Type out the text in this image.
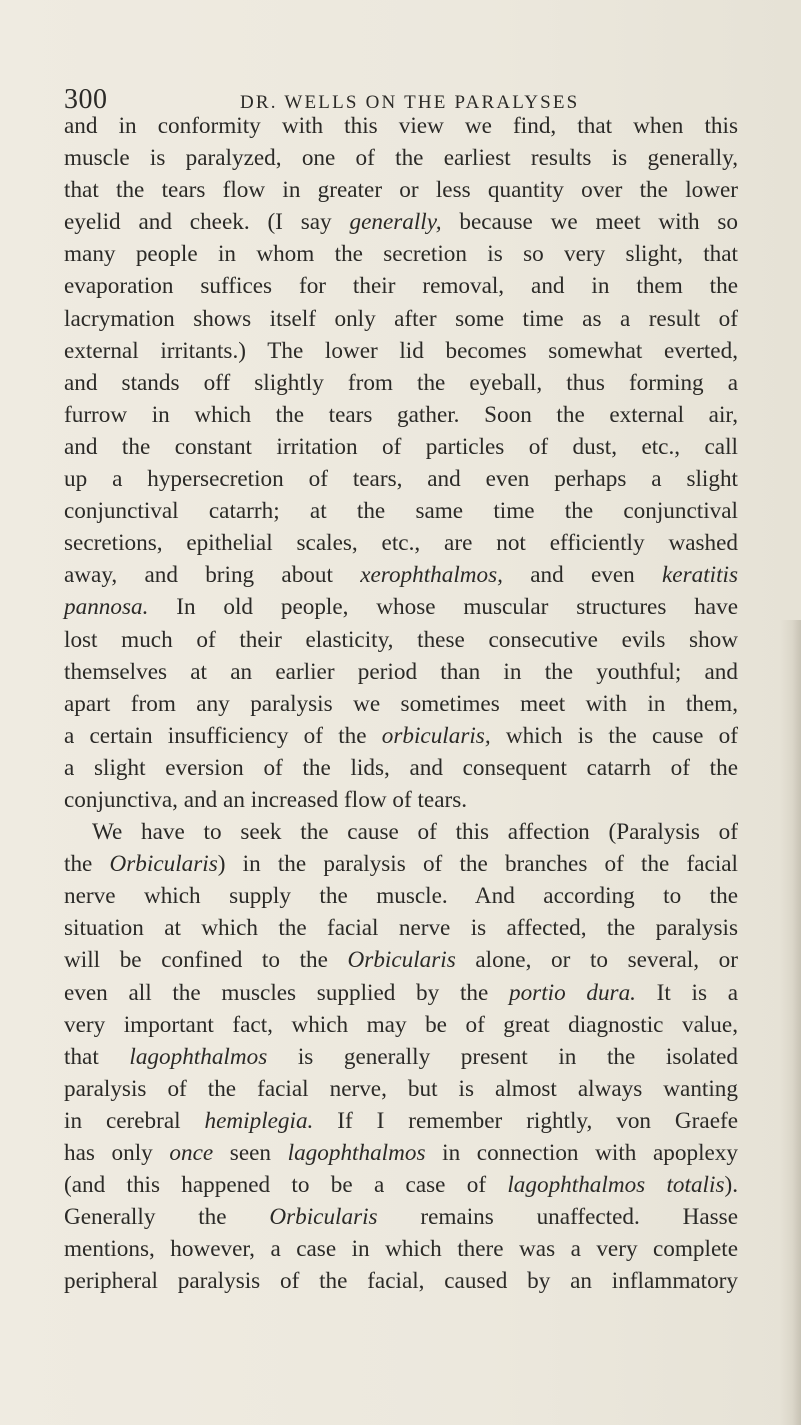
300	DR. WELLS ON THE PARALYSES
and in conformity with this view we find, that when this
muscle is paralyzed, one of the earliest results is generally,
that the tears flow in greater or less quantity over the lower
eyelid and cheek. (I say generally, because we meet with so
many people in whom the secretion is so very slight, that
evaporation suffices for their removal, and in them the
lacrymation shows itself only after some time as a result of
external irritants.) The lower lid becomes somewhat everted,
and stands off slightly from the eyeball, thus forming a
furrow in which the tears gather. Soon the external air,
and the constant irritation of particles of dust, etc., call
up a hypersecretion of tears, and even perhaps a slight
conjunctival catarrh; at the same time the conjunctival
secretions, epithelial scales, etc., are not efficiently washed
away, and bring about xerophthalmos, and even keratitis
pannosa. In old people, whose muscular structures have
lost much of their elasticity, these consecutive evils show
themselves at an earlier period than in the youthful; and
apart from any paralysis we sometimes meet with in them,
a certain insufficiency of the orbicularis, which is the cause of
a slight eversion of the lids, and consequent catarrh of the
conjunctiva, and an increased flow of tears.
We have to seek the cause of this affection (Paralysis of
the Orbicularis) in the paralysis of the branches of the facial
nerve which supply the muscle. And according to the
situation at which the facial nerve is affected, the paralysis
will be confined to the Orbicularis alone, or to several, or
even all the muscles supplied by the portio dura. It is a
very important fact, which may be of great diagnostic value,
that lagophthalmos is generally present in the isolated
paralysis of the facial nerve, but is almost always wanting
in cerebral hemiplegia. If I remember rightly, von Graefe
has only once seen lagophthalmos in connection with apoplexy
(and this happened to be a case of lagophthalmos totalis).
Generally the Orbicularis remains unaffected. Hasse
mentions, however, a case in which there was a very complete
peripheral paralysis of the facial, caused by an inflammatory
